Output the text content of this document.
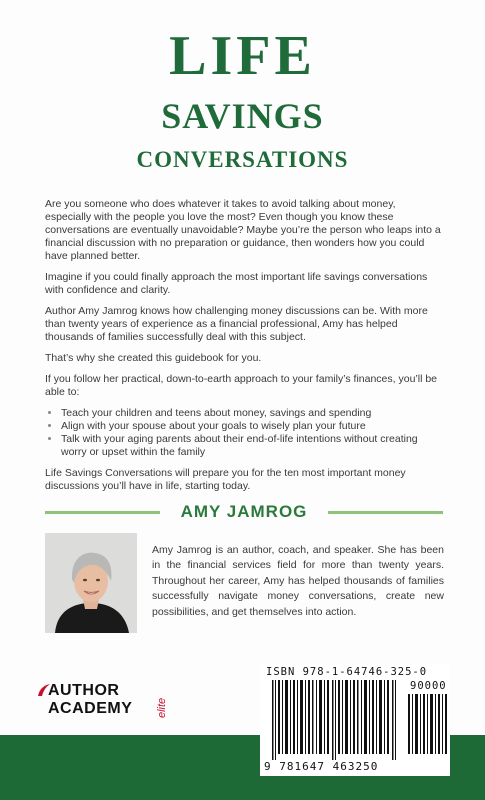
LIFE
SAVINGS
CONVERSATIONS

Are you someone who does whatever it takes to avoid talking about money, especially with the people you love the most? Even though you know these conversations are eventually unavoidable? Maybe you’re the person who leaps into a financial discussion with no preparation or guidance, then wonders how you could have planned better.

Imagine if you could finally approach the most important life savings conversations with confidence and clarity.

Author Amy Jamrog knows how challenging money discussions can be. With more than twenty years of experience as a financial professional, Amy has helped thousands of families successfully deal with this subject.

That’s why she created this guidebook for you.

If you follow her practical, down-to-earth approach to your family’s finances, you’ll be able to:

• Teach your children and teens about money, savings and spending
• Align with your spouse about your goals to wisely plan your future
• Talk with your aging parents about their end-of-life intentions without creating worry or upset within the family

Life Savings Conversations will prepare you for the ten most important money discussions you’ll have in life, starting today.

AMY JAMROG

Amy Jamrog is an author, coach, and speaker. She has been in the financial services field for more than twenty years. Throughout her career, Amy has helped thousands of families successfully navigate money conversations, create new possibilities, and get themselves into action.

AUTHOR
ACADEMY elite
ISBN 978-1-64746-325-0
90000
9 781647 463250
